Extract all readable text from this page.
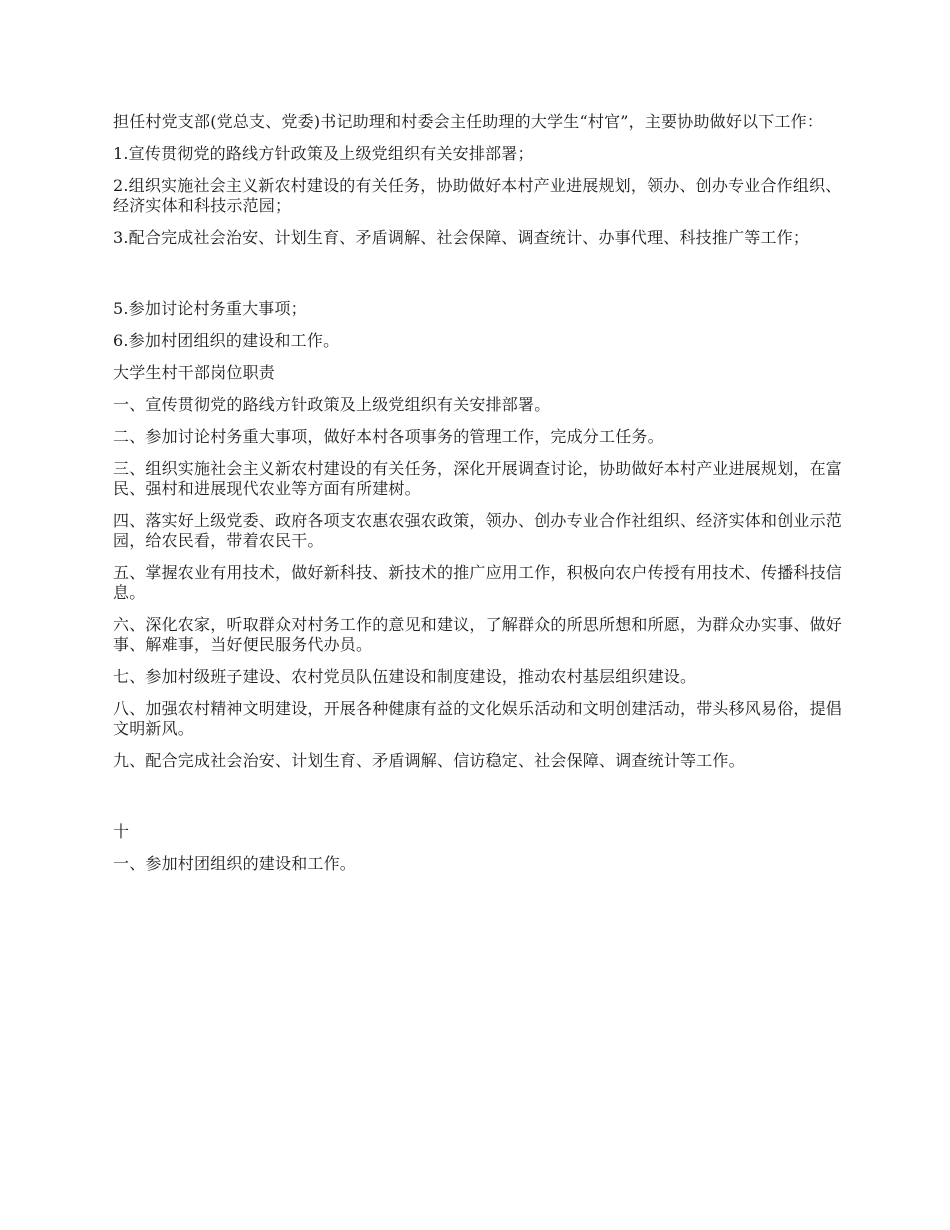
担任村党支部(党总支、党委)书记助理和村委会主任助理的大学生“村官”，主要协助做好以下工作：

1.宣传贯彻党的路线方针政策及上级党组织有关安排部署；

2.组织实施社会主义新农村建设的有关任务，协助做好本村产业进展规划，领办、创办专业合作组织、经济实体和科技示范园；

3.配合完成社会治安、计划生育、矛盾调解、社会保障、调查统计、办事代理、科技推广等工作；

5.参加讨论村务重大事项；

6.参加村团组织的建设和工作。

大学生村干部岗位职责

一、宣传贯彻党的路线方针政策及上级党组织有关安排部署。

二、参加讨论村务重大事项，做好本村各项事务的管理工作，完成分工任务。

三、组织实施社会主义新农村建设的有关任务，深化开展调查讨论，协助做好本村产业进展规划，在富民、强村和进展现代农业等方面有所建树。

四、落实好上级党委、政府各项支农惠农强农政策，领办、创办专业合作社组织、经济实体和创业示范园，给农民看，带着农民干。

五、掌握农业有用技术，做好新科技、新技术的推广应用工作，积极向农户传授有用技术、传播科技信息。

六、深化农家，听取群众对村务工作的意见和建议，了解群众的所思所想和所愿，为群众办实事、做好事、解难事，当好便民服务代办员。

七、参加村级班子建设、农村党员队伍建设和制度建设，推动农村基层组织建设。

八、加强农村精神文明建设，开展各种健康有益的文化娱乐活动和文明创建活动，带头移风易俗，提倡文明新风。

九、配合完成社会治安、计划生育、矛盾调解、信访稳定、社会保障、调查统计等工作。

十

一、参加村团组织的建设和工作。
